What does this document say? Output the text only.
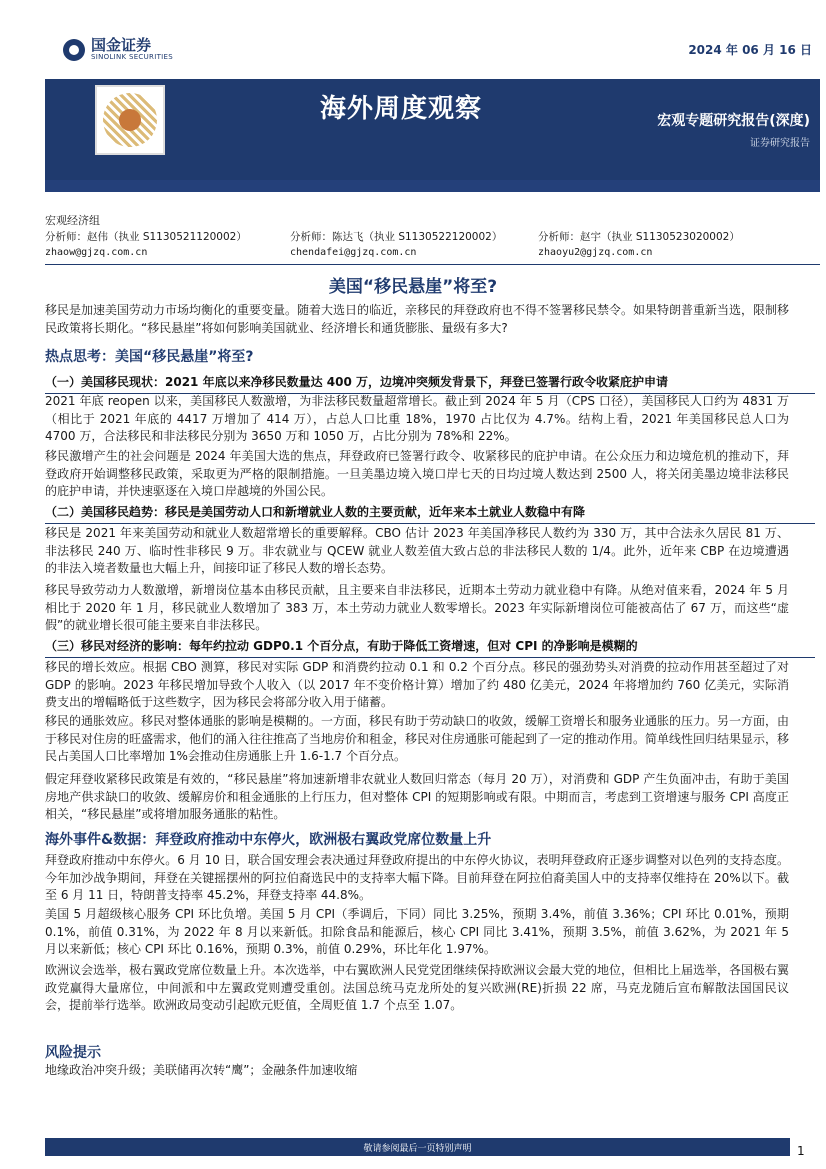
国金证券
SINOLINK SECURITIES	2024 年 06 月 16 日
海外周度观察	宏观专题研究报告(深度)
证券研究报告
宏观经济组
分析师：赵伟（执业 S1130521120002）	分析师：陈达飞（执业 S1130522120002）	分析师：赵宇（执业 S1130523020002）
zhaow@gjzq.com.cn	chendafei@gjzq.com.cn	zhaoyu2@gjzq.com.cn
美国“移民悬崖”将至?

移民是加速美国劳动力市场均衡化的重要变量。随着大选日的临近，亲移民的拜登政府也不得不签署移民禁令。如果特朗普重新当选，限制移民政策将长期化。“移民悬崖”将如何影响美国就业、经济增长和通货膨胀、量级有多大?

热点思考：美国“移民悬崖”将至?
（一）美国移民现状：2021 年底以来净移民数量达 400 万，边境冲突频发背景下，拜登已签署行政令收紧庇护申请

2021 年底 reopen 以来，美国移民人数激增，为非法移民数量超常增长。截止到 2024 年 5 月（CPS 口径），美国移民人口约为 4831 万（相比于 2021 年底的 4417 万增加了 414 万），占总人口比重 18%，1970 占比仅为 4.7%。结构上看，2021 年美国移民总人口为 4700 万，合法移民和非法移民分别为 3650 万和 1050 万，占比分别为 78%和 22%。

移民激增产生的社会问题是 2024 年美国大选的焦点，拜登政府已签署行政令、收紧移民的庇护申请。在公众压力和边境危机的推动下，拜登政府开始调整移民政策，采取更为严格的限制措施。一旦美墨边境入境口岸七天的日均过境人数达到 2500 人，将关闭美墨边境非法移民的庇护申请，并快速驱逐在入境口岸越境的外国公民。

（二）美国移民趋势：移民是美国劳动人口和新增就业人数的主要贡献，近年来本土就业人数稳中有降

移民是 2021 年来美国劳动和就业人数超常增长的重要解释。CBO 估计 2023 年美国净移民人数约为 330 万，其中合法永久居民 81 万、非法移民 240 万、临时性非移民 9 万。非农就业与 QCEW 就业人数差值大致占总的非法移民人数的 1/4。此外，近年来 CBP 在边境遭遇的非法入境者数量也大幅上升，间接印证了移民人数的增长态势。

移民导致劳动力人数激增，新增岗位基本由移民贡献，且主要来自非法移民，近期本土劳动力就业稳中有降。从绝对值来看，2024 年 5 月相比于 2020 年 1 月，移民就业人数增加了 383 万，本土劳动力就业人数零增长。2023 年实际新增岗位可能被高估了 67 万，而这些“虚假”的就业增长很可能主要来自非法移民。

（三）移民对经济的影响：每年约拉动 GDP0.1 个百分点，有助于降低工资增速，但对 CPI 的净影响是模糊的

移民的增长效应。根据 CBO 测算，移民对实际 GDP 和消费约拉动 0.1 和 0.2 个百分点。移民的强劲势头对消费的拉动作用甚至超过了对 GDP 的影响。2023 年移民增加导致个人收入（以 2017 年不变价格计算）增加了约 480 亿美元，2024 年将增加约 760 亿美元，实际消费支出的增幅略低于这些数字，因为移民会将部分收入用于储蓄。

移民的通胀效应。移民对整体通胀的影响是模糊的。一方面，移民有助于劳动缺口的收敛，缓解工资增长和服务业通胀的压力。另一方面，由于移民对住房的旺盛需求，他们的涌入往往推高了当地房价和租金，移民对住房通胀可能起到了一定的推动作用。简单线性回归结果显示，移民占美国人口比率增加 1%会推动住房通胀上升 1.6-1.7 个百分点。

假定拜登收紧移民政策是有效的，“移民悬崖”将加速新增非农就业人数回归常态（每月 20 万），对消费和 GDP 产生负面冲击，有助于美国房地产供求缺口的收敛、缓解房价和租金通胀的上行压力，但对整体 CPI 的短期影响或有限。中期而言，考虑到工资增速与服务 CPI 高度正相关，“移民悬崖”或将增加服务通胀的粘性。

海外事件&数据：拜登政府推动中东停火，欧洲极右翼政党席位数量上升

拜登政府推动中东停火。6 月 10 日，联合国安理会表决通过拜登政府提出的中东停火协议，表明拜登政府正逐步调整对以色列的支持态度。今年加沙战争期间，拜登在关键摇摆州的阿拉伯裔选民中的支持率大幅下降。目前拜登在阿拉伯裔美国人中的支持率仅维持在 20%以下。截至 6 月 11 日，特朗普支持率 45.2%，拜登支持率 44.8%。

美国 5 月超级核心服务 CPI 环比负增。美国 5 月 CPI（季调后，下同）同比 3.25%，预期 3.4%，前值 3.36%；CPI 环比 0.01%，预期 0.1%，前值 0.31%，为 2022 年 8 月以来新低。扣除食品和能源后，核心 CPI 同比 3.41%，预期 3.5%，前值 3.62%，为 2021 年 5 月以来新低；核心 CPI 环比 0.16%，预期 0.3%，前值 0.29%，环比年化 1.97%。

欧洲议会选举，极右翼政党席位数量上升。本次选举，中右翼欧洲人民党党团继续保持欧洲议会最大党的地位，但相比上届选举，各国极右翼政党赢得大量席位，中间派和中左翼政党则遭受重创。法国总统马克龙所处的复兴欧洲(RE)折损 22 席，马克龙随后宣布解散法国国民议会，提前举行选举。欧洲政局变动引起欧元贬值，全周贬值 1.7 个点至 1.07。

风险提示

地缘政治冲突升级；美联储再次转“鹰”；金融条件加速收缩

敬请参阅最后一页特别声明	1
